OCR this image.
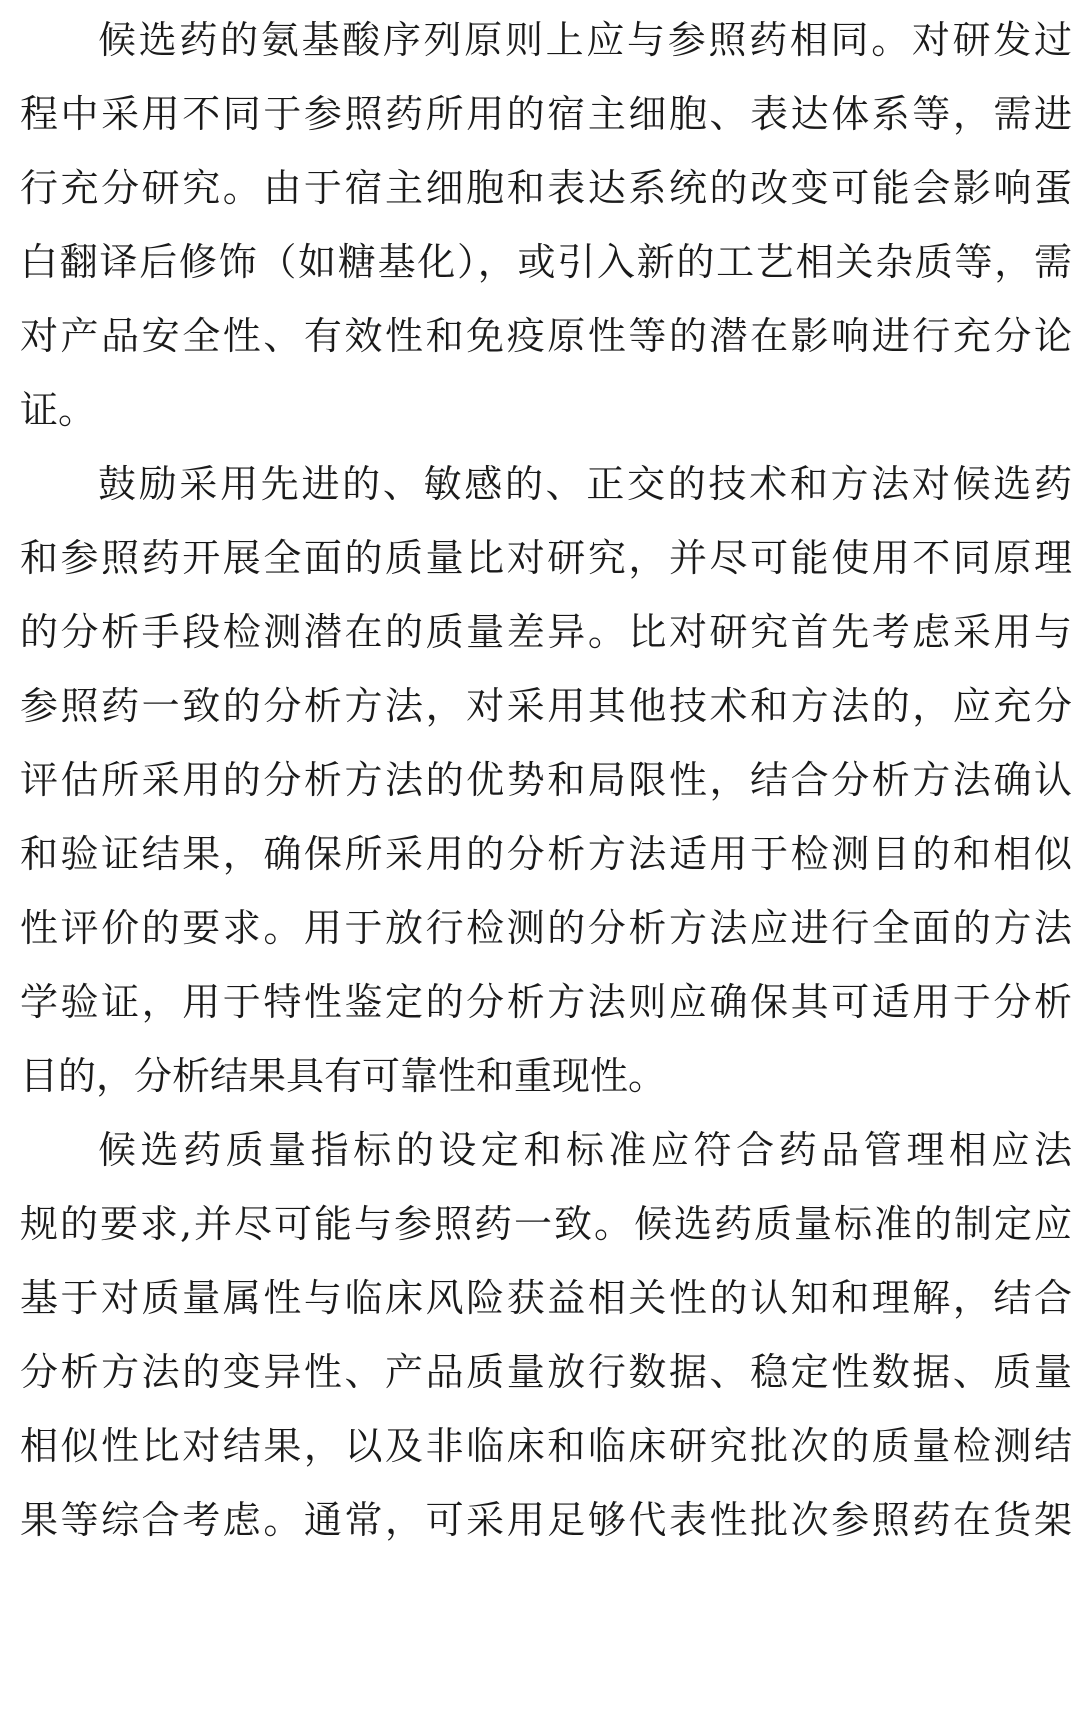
候选药的氨基酸序列原则上应与参照药相同。对研发过
程中采用不同于参照药所用的宿主细胞、表达体系等，需进
行充分研究。由于宿主细胞和表达系统的改变可能会影响蛋
白翻译后修饰（如糖基化），或引入新的工艺相关杂质等，需
对产品安全性、有效性和免疫原性等的潜在影响进行充分论
证。
鼓励采用先进的、敏感的、正交的技术和方法对候选药
和参照药开展全面的质量比对研究，并尽可能使用不同原理
的分析手段检测潜在的质量差异。比对研究首先考虑采用与
参照药一致的分析方法，对采用其他技术和方法的，应充分
评估所采用的分析方法的优势和局限性，结合分析方法确认
和验证结果，确保所采用的分析方法适用于检测目的和相似
性评价的要求。用于放行检测的分析方法应进行全面的方法
学验证，用于特性鉴定的分析方法则应确保其可适用于分析
目的，分析结果具有可靠性和重现性。
候选药质量指标的设定和标准应符合药品管理相应法
规的要求,并尽可能与参照药一致。候选药质量标准的制定应
基于对质量属性与临床风险获益相关性的认知和理解，结合
分析方法的变异性、产品质量放行数据、稳定性数据、质量
相似性比对结果，以及非临床和临床研究批次的质量检测结
果等综合考虑。通常，可采用足够代表性批次参照药在货架
